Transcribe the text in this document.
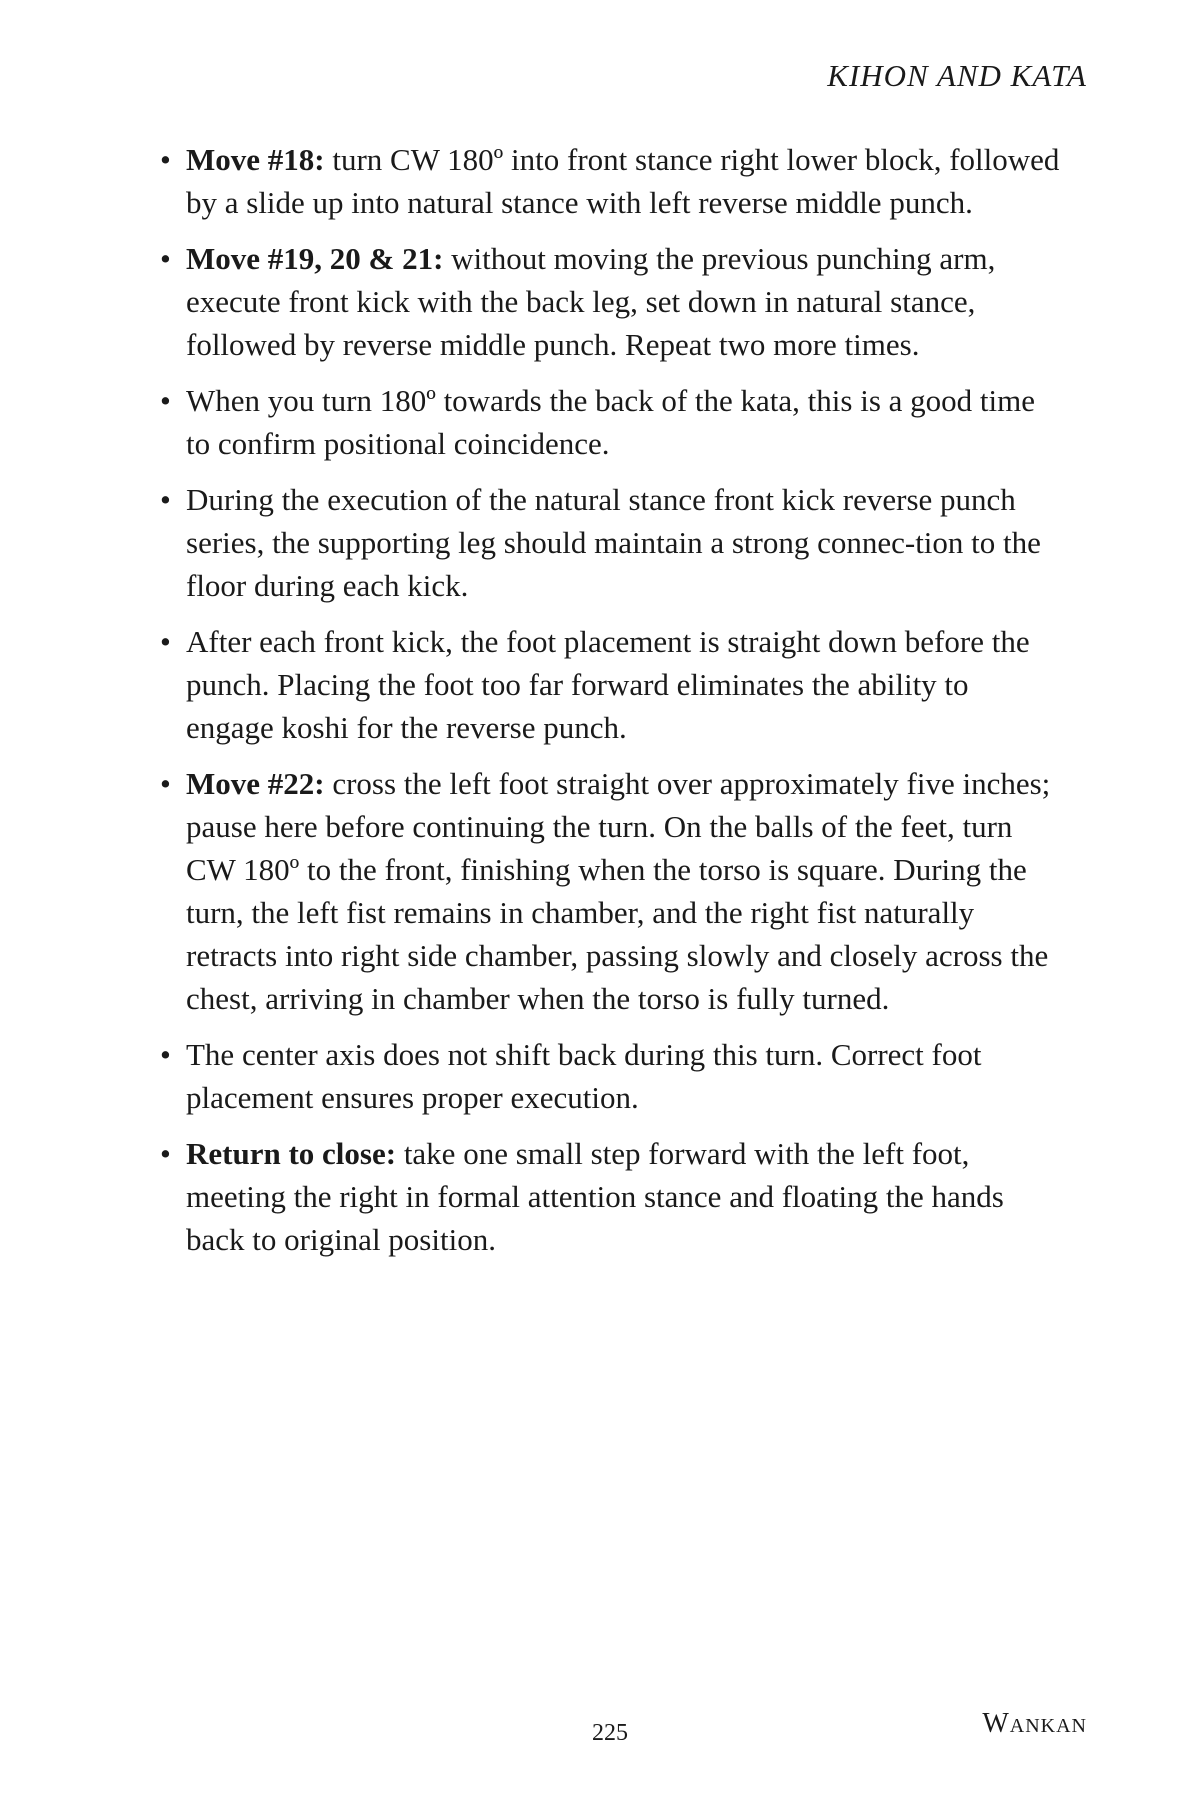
KIHON AND KATA
• Move #18: turn CW 180º into front stance right lower block, followed by a slide up into natural stance with left reverse middle punch.
• Move #19, 20 & 21: without moving the previous punching arm, execute front kick with the back leg, set down in natural stance, followed by reverse middle punch. Repeat two more times.
• When you turn 180º towards the back of the kata, this is a good time to confirm positional coincidence.
• During the execution of the natural stance front kick reverse punch series, the supporting leg should maintain a strong connec-tion to the floor during each kick.
• After each front kick, the foot placement is straight down before the punch. Placing the foot too far forward eliminates the ability to engage koshi for the reverse punch.
• Move #22: cross the left foot straight over approximately five inches; pause here before continuing the turn. On the balls of the feet, turn CW 180º to the front, finishing when the torso is square. During the turn, the left fist remains in chamber, and the right fist naturally retracts into right side chamber, passing slowly and closely across the chest, arriving in chamber when the torso is fully turned.
• The center axis does not shift back during this turn. Correct foot placement ensures proper execution.
• Return to close: take one small step forward with the left foot, meeting the right in formal attention stance and floating the hands back to original position.
225	Wankan
